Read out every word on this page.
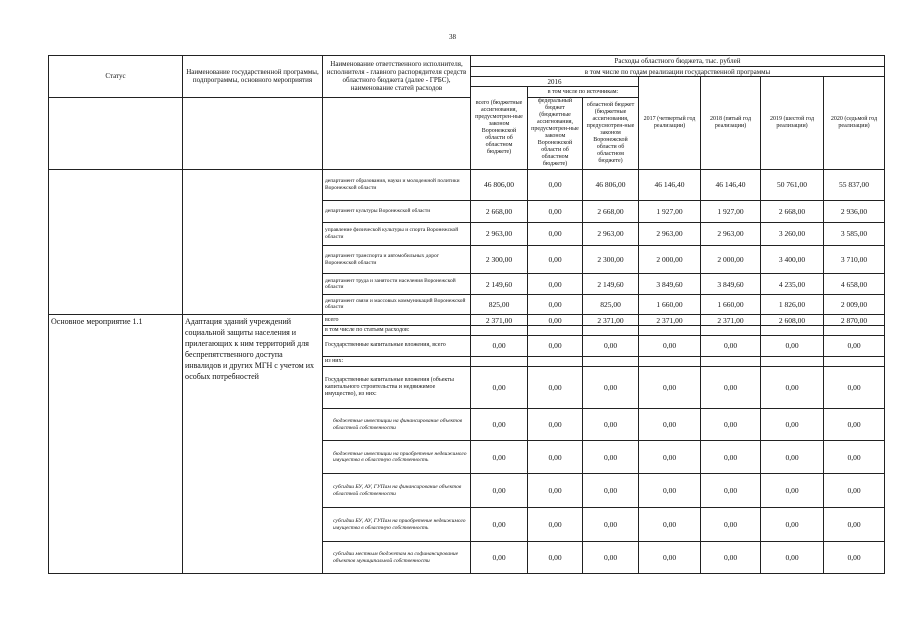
38
Статус	Наименование государственной программы, подпрограммы, основного мероприятия	Наименование ответственного исполнителя, исполнителя - главного распорядителя средств областного бюджета (далее - ГРБС), наименование статей расходов	Расходы областного бюджета, тыс. рублей						
			в том числе по годам реализации государственной программы						
			2016			2017 (четвертый год реализации)	2018 (пятый год реализации)	2019 (шестой год реализации)	2020 (седьмой год реализации)
			всего (бюджетные ассигнования, предусмотрен-ные законом Воронежской области об областном бюджете)	в том числе по источникам:					
				федеральный бюджет (бюджетные ассигнования, предусмотрен-ные законом Воронежской области об областном бюджете)	областной бюджет (бюджетные ассигнования, предусмотрен-ные законом Воронежской области об областном бюджете)				
		департамент образования, науки и молодежной политики Воронежской области	46 806,00	0,00	46 806,00	46 146,40	46 146,40	50 761,00	55 837,00
		департамент культуры Воронежской области	2 668,00	0,00	2 668,00	1 927,00	1 927,00	2 668,00	2 936,00
		управление физической культуры и спорта Воронежской области	2 963,00	0,00	2 963,00	2 963,00	2 963,00	3 260,00	3 585,00
		департамент транспорта и автомобильных дорог Воронежской области	2 300,00	0,00	2 300,00	2 000,00	2 000,00	3 400,00	3 710,00
		департамент труда и занятости населения Воронежской области	2 149,60	0,00	2 149,60	3 849,60	3 849,60	4 235,00	4 658,00
		департамент связи и массовых коммуникаций Воронежской области	825,00	0,00	825,00	1 660,00	1 660,00	1 826,00	2 009,00
Основное мероприятие 1.1	Адаптация зданий учреждений социальной защиты населения и прилегающих к ним территорий для беспрепятственного доступа инвалидов и других МГН с учетом их особых потребностей	всего	2 371,00	0,00	2 371,00	2 371,00	2 371,00	2 608,00	2 870,00
		в том числе по статьям расходов:							
		Государственные капитальные вложения, всего	0,00	0,00	0,00	0,00	0,00	0,00	0,00
		из них:							
		Государственные капитальные вложения (объекты капитального строительства и недвижимое имущество), из них:	0,00	0,00	0,00	0,00	0,00	0,00	0,00
		бюджетные инвестиции на финансирование объектов областной собственности	0,00	0,00	0,00	0,00	0,00	0,00	0,00
		бюджетные инвестиции на приобретение недвижимого имущества в областную собственность	0,00	0,00	0,00	0,00	0,00	0,00	0,00
		субсидии БУ, АУ, ГУПам на финансирование объектов областной собственности	0,00	0,00	0,00	0,00	0,00	0,00	0,00
		субсидии БУ, АУ, ГУПам на приобретение недвижимого имущества в областную собственность	0,00	0,00	0,00	0,00	0,00	0,00	0,00
		субсидии местным бюджетам на софинансирование объектов муниципальной собственности	0,00	0,00	0,00	0,00	0,00	0,00	0,00
